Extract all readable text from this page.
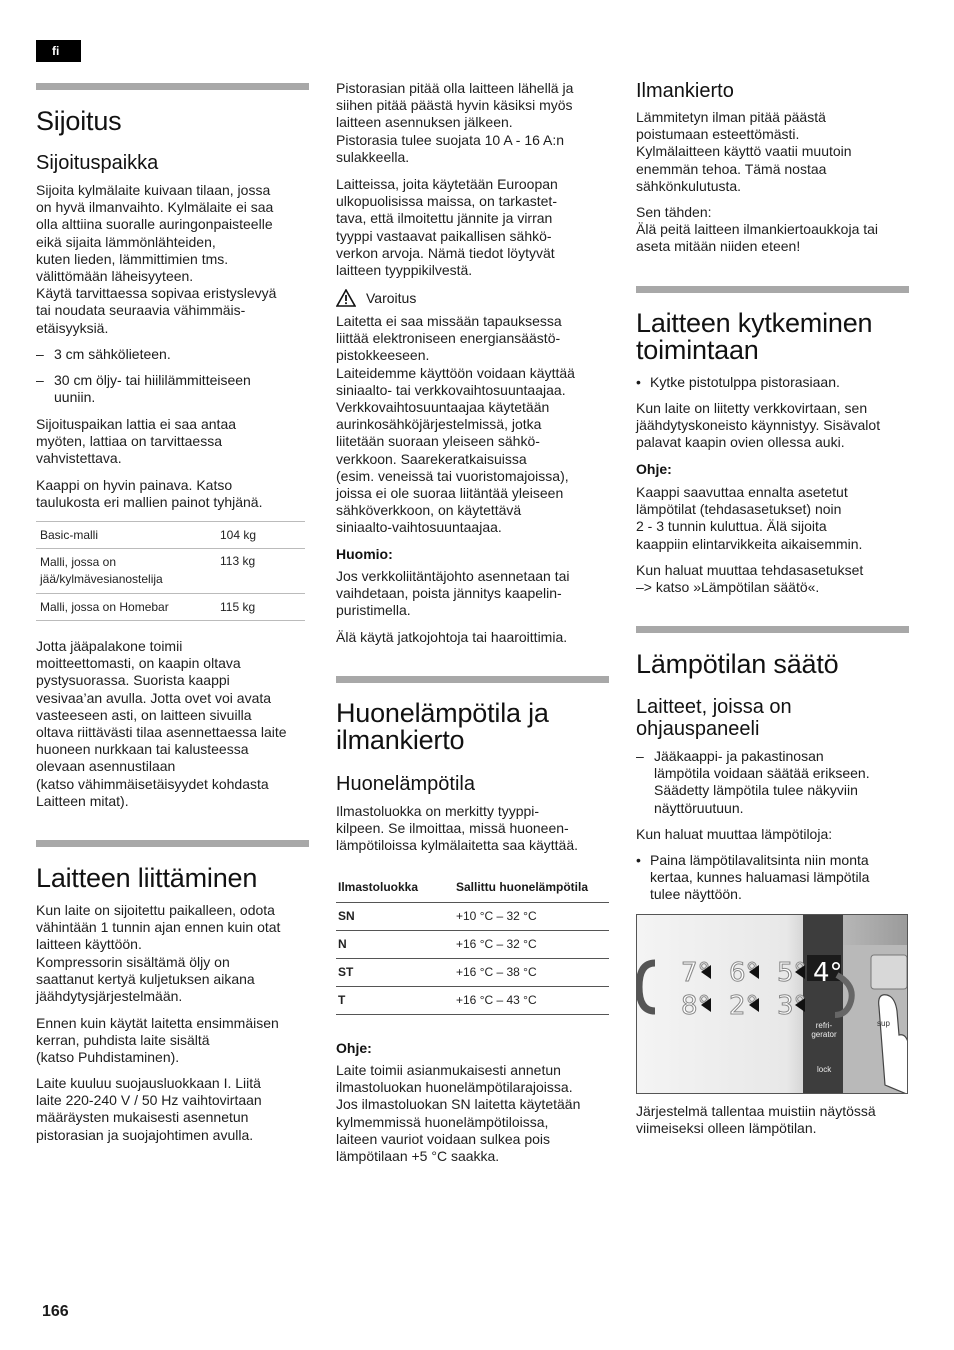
fi
Sijoitus
Sijoituspaikka
Sijoita kylmälaite kuivaan tilaan, jossa
on hyvä ilmanvaihto. Kylmälaite ei saa
olla alttiina suoralle auringonpaisteelle
eikä sijaita lämmönlähteiden,
kuten lieden, lämmittimien tms.
välittömään läheisyyteen.
Käytä tarvittaessa sopivaa eristyslevyä
tai noudata seuraavia vähimmäis-
etäisyyksiä.
– 3 cm sähkölieteen.
– 30 cm öljy- tai hiililämmitteiseen
uuniin.
Sijoituspaikan lattia ei saa antaa
myöten, lattiaa on tarvittaessa
vahvistettava.
Kaappi on hyvin painava. Katso
taulukosta eri mallien painot tyhjänä.
Basic-malli	104 kg
Malli, jossa on
jää/kylmävesianostelija	113 kg
Malli, jossa on Homebar	115 kg
Jotta jääpalakone toimii
moitteettomasti, on kaapin oltava
pystysuorassa. Suorista kaappi
vesivaa’an avulla. Jotta ovet voi avata
vasteeseen asti, on laitteen sivuilla
oltava riittävästi tilaa asennettaessa laite
huoneen nurkkaan tai kalusteessa
olevaan asennustilaan
(katso vähimmäisetäisyydet kohdasta
Laitteen mitat).
Laitteen liittäminen
Kun laite on sijoitettu paikalleen, odota
vähintään 1 tunnin ajan ennen kuin otat
laitteen käyttöön.
Kompressorin sisältämä öljy on
saattanut kertyä kuljetuksen aikana
jäähdytysjärjestelmään.
Ennen kuin käytät laitetta ensimmäisen
kerran, puhdista laite sisältä
(katso Puhdistaminen).
Laite kuuluu suojausluokkaan I. Liitä
laite 220-240 V / 50 Hz vaihtovirtaan
määräysten mukaisesti asennetun
pistorasian ja suojajohtimen avulla.
Pistorasian pitää olla laitteen lähellä ja
siihen pitää päästä hyvin käsiksi myös
laitteen asennuksen jälkeen.
Pistorasia tulee suojata 10 A - 16 A:n
sulakkeella.
Laitteissa, joita käytetään Euroopan
ulkopuolisissa maissa, on tarkastet-
tava, että ilmoitettu jännite ja virran
tyyppi vastaavat paikallisen sähkö-
verkon arvoja. Nämä tiedot löytyvät
laitteen tyyppikilvestä.
Varoitus
Laitetta ei saa missään tapauksessa
liittää elektroniseen energiansäästö-
pistokkeeseen.
Laiteidemme käyttöön voidaan käyttää
siniaalto- tai verkkovaihtosuuntaajaa.
Verkkovaihtosuuntaajaa käytetään
aurinkosähköjärjestelmissä, jotka
liitetään suoraan yleiseen sähkö-
verkkoon. Saarekeratkaisuissa
(esim. veneissä tai vuoristomajoissa),
joissa ei ole suoraa liitäntää yleiseen
sähköverkkoon, on käytettävä
siniaalto-vaihtosuuntaajaa.
Huomio:
Jos verkkoliitäntäjohto asennetaan tai
vaihdetaan, poista jännitys kaapelin-
puristimella.
Älä käytä jatkojohtoja tai haaroittimia.
Huonelämpötila ja
ilmankierto
Huonelämpötila
Ilmastoluokka on merkitty tyyppi-
kilpeen. Se ilmoittaa, missä huoneen-
lämpötiloissa kylmälaitetta saa käyttää.
Ilmastoluokka	Sallittu huonelämpötila
SN	+10 °C – 32 °C
N	+16 °C – 32 °C
ST	+16 °C – 38 °C
T	+16 °C – 43 °C
Ohje:
Laite toimii asianmukaisesti annetun
ilmastoluokan huonelämpötilarajoissa.
Jos ilmastoluokan SN laitetta käytetään
kylmemmissä huonelämpötiloissa,
laiteen vauriot voidaan sulkea pois
lämpötilaan +5 °C saakka.
Ilmankierto
Lämmitetyn ilman pitää päästä
poistumaan esteettömästi.
Kylmälaitteen käyttö vaatii muutoin
enemmän tehoa. Tämä nostaa
sähkönkulutusta.
Sen tähden:
Älä peitä laitteen ilmankiertoaukkoja tai
aseta mitään niiden eteen!
Laitteen kytkeminen
toimintaan
• Kytke pistotulppa pistorasiaan.
Kun laite on liitetty verkkovirtaan, sen
jäähdytyskoneisto käynnistyy. Sisävalot
palavat kaapin ovien ollessa auki.
Ohje:
Kaappi saavuttaa ennalta asetetut
lämpötilat (tehdasasetukset) noin
2 - 3 tunnin kuluttua. Älä sijoita
kaappiin elintarvikkeita aikaisemmin.
Kun haluat muuttaa tehdasasetukset
–> katso »Lämpötilan säätö«.
Lämpötilan säätö
Laitteet, joissa on
ohjauspaneeli
– Jääkaappi- ja pakastinosan
lämpötila voidaan säätää erikseen.
Säädetty lämpötila tulee näkyviin
näyttöruutuun.
Kun haluat muuttaa lämpötiloja:
• Paina lämpötilavalitsinta niin monta
kertaa, kunnes haluamasi lämpötila
tulee näyttöön.
7° 6° 5° 4°
8° 2° 3°
refri-
gerator
lock
sup
Järjestelmä tallentaa muistiin näytössä
viimeiseksi olleen lämpötilan.
166
